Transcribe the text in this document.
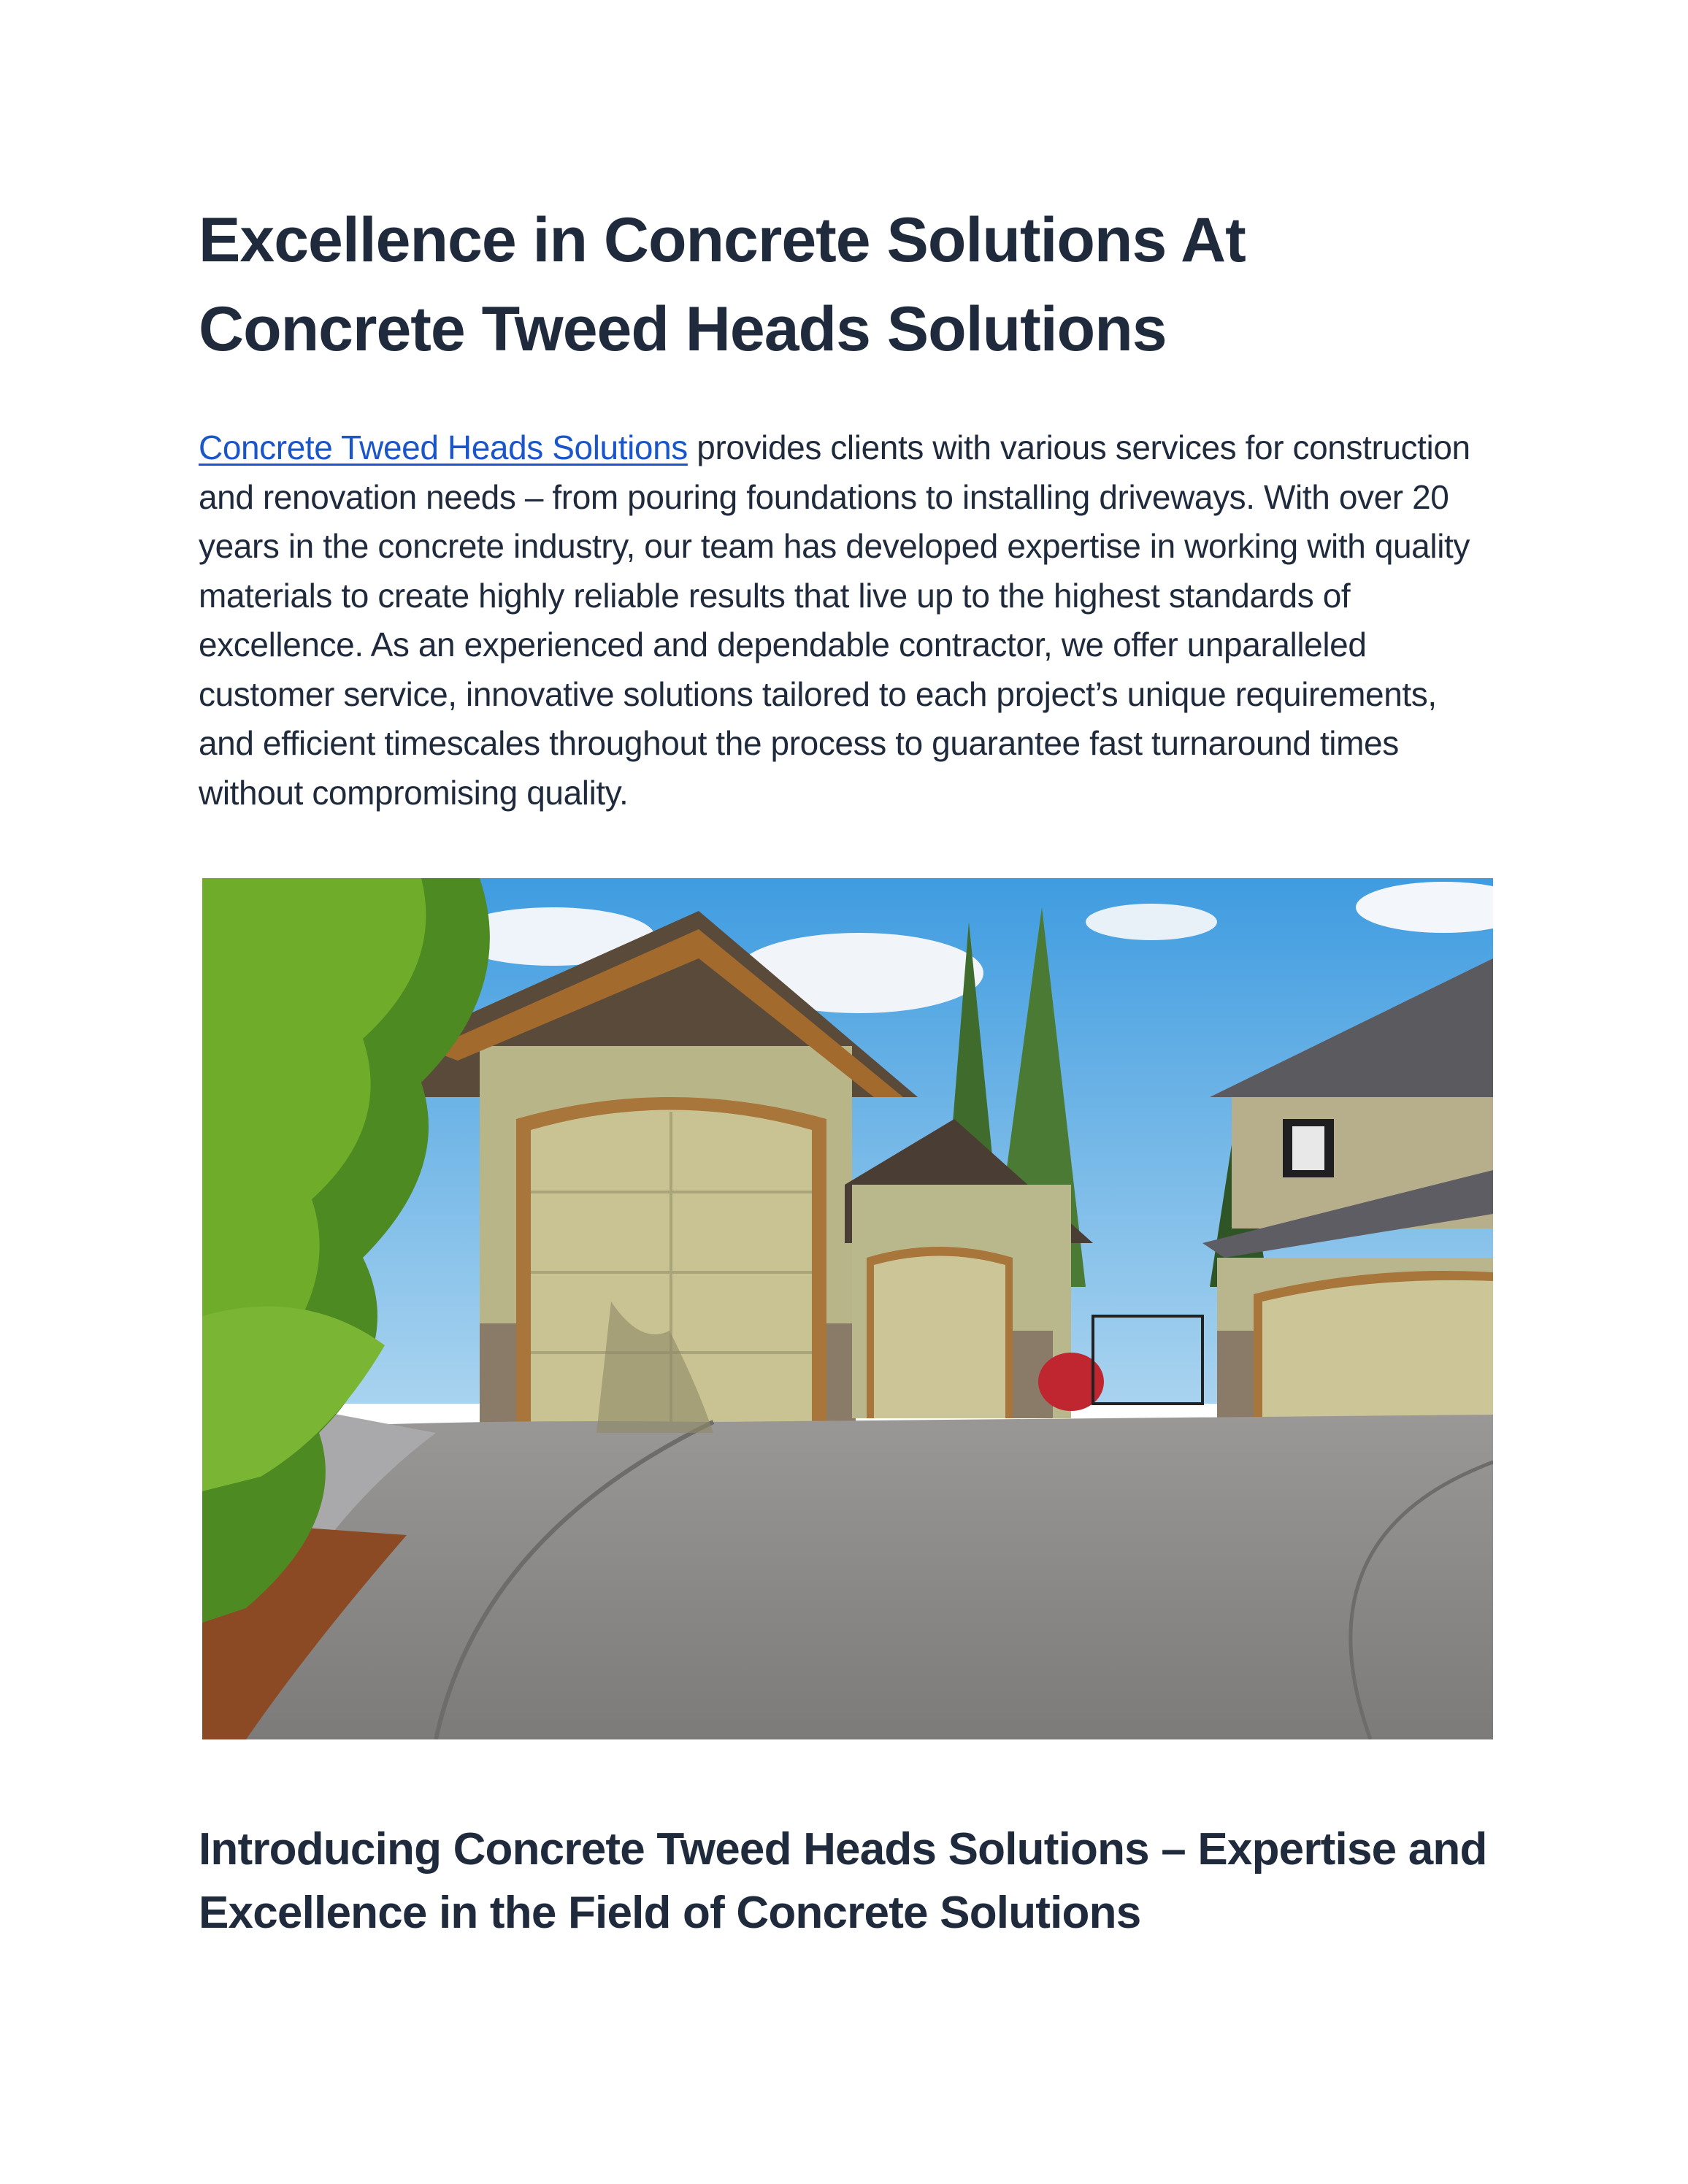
Excellence in Concrete Solutions At Concrete Tweed Heads Solutions

Concrete Tweed Heads Solutions provides clients with various services for construction and renovation needs – from pouring foundations to installing driveways. With over 20 years in the concrete industry, our team has developed expertise in working with quality materials to create highly reliable results that live up to the highest standards of excellence. As an experienced and dependable contractor, we offer unparalleled customer service, innovative solutions tailored to each project’s unique requirements, and efficient timescales throughout the process to guarantee fast turnaround times without compromising quality.

Introducing Concrete Tweed Heads Solutions – Expertise and Excellence in the Field of Concrete Solutions
